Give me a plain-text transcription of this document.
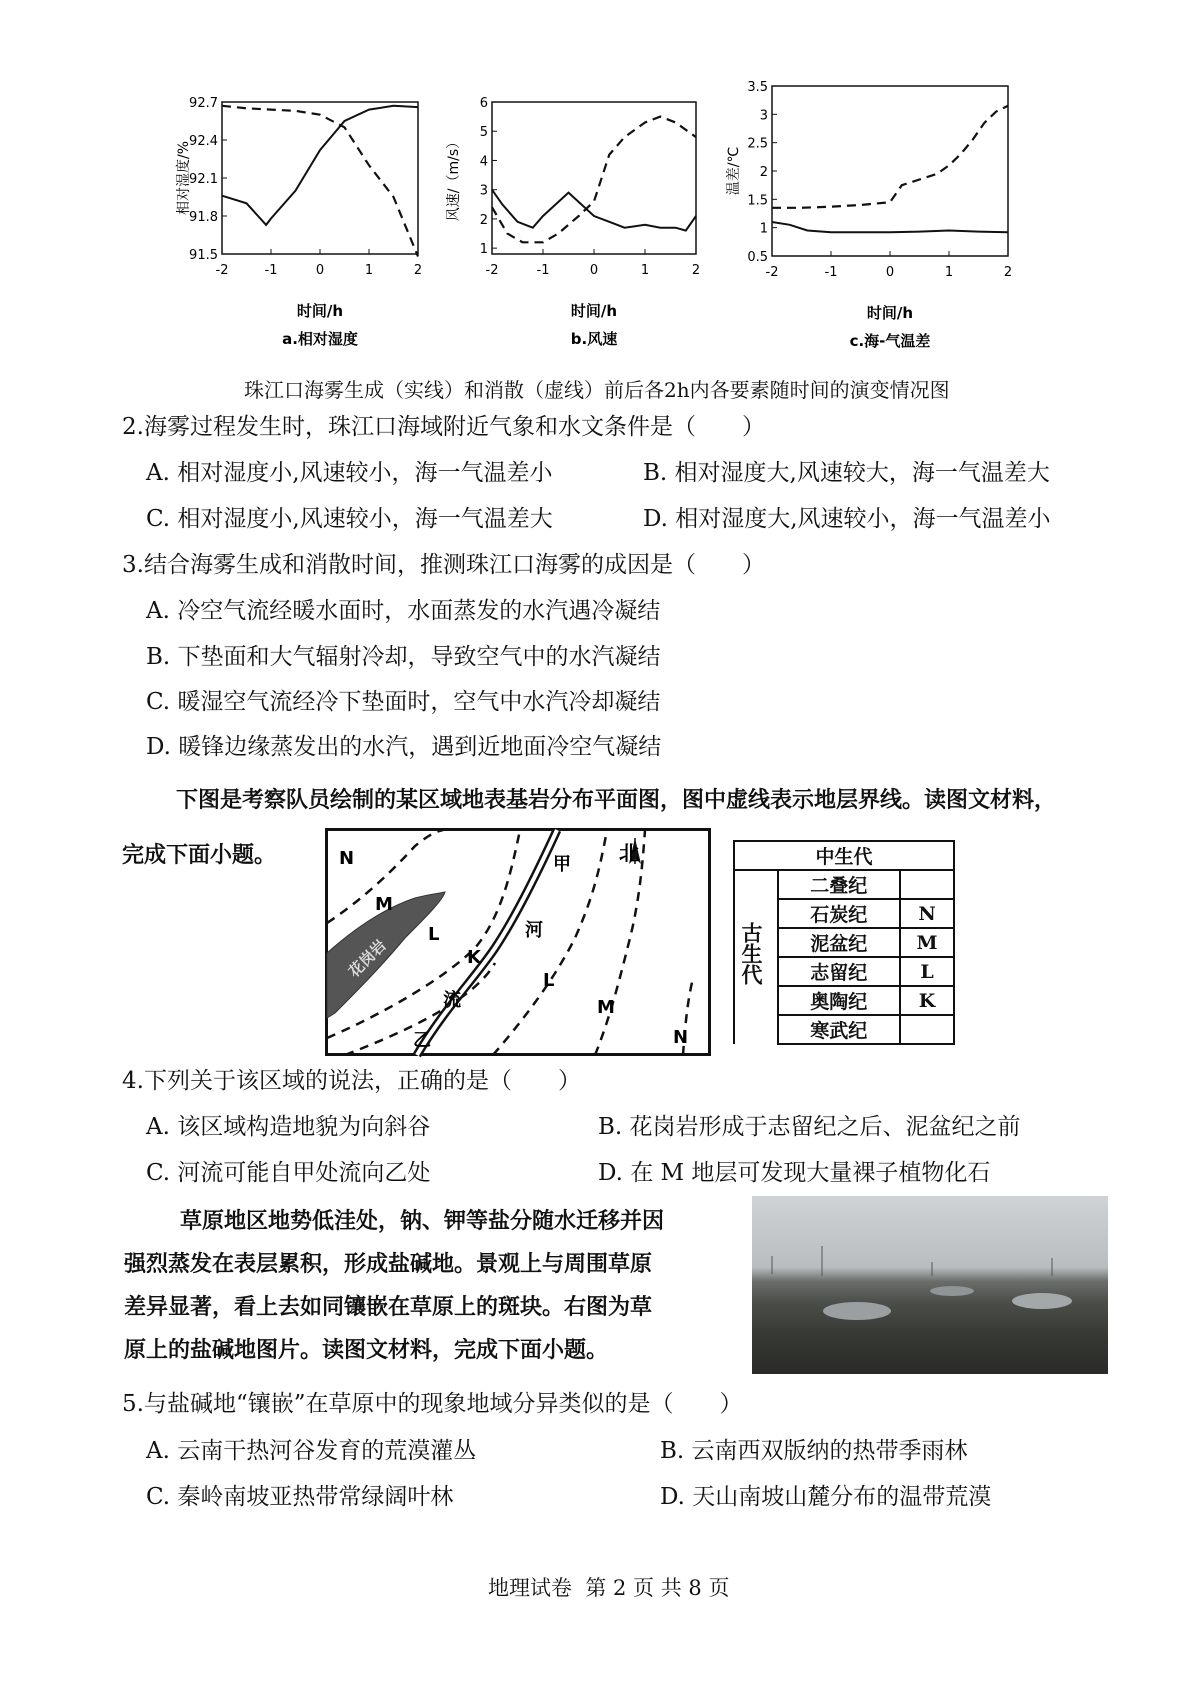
91.5
91.8
92.1
92.4
92.7
-2	-1	0	1	2
相对湿度/%
时间/h
a.相对湿度
1
2
3
4
5
6
-2	-1	0	1	2
风速/（m/s）
时间/h
b.风速
0.5
1
1.5
2
2.5
3
3.5
-2	-1	0	1	2
温差/℃
时间/h
c.海-气温差
珠江口海雾生成（实线）和消散（虚线）前后各2h内各要素随时间的演变情况图
2.海雾过程发生时，珠江口海域附近气象和水文条件是（　　）
A. 相对湿度小,风速较小，海一气温差小	B. 相对湿度大,风速较大，海一气温差大
C. 相对湿度小,风速较小，海一气温差大	D. 相对湿度大,风速较小，海一气温差小
3.结合海雾生成和消散时间，推测珠江口海雾的成因是（　　）
A. 冷空气流经暖水面时，水面蒸发的水汽遇冷凝结
B. 下垫面和大气辐射冷却，导致空气中的水汽凝结
C. 暖湿空气流经冷下垫面时，空气中水汽冷却凝结
D. 暖锋边缘蒸发出的水汽，遇到近地面冷空气凝结
下图是考察队员绘制的某区域地表基岩分布平面图，图中虚线表示地层界线。读图文材料，
完成下面小题。	北
N
M
L
K
L
M
N
花岗岩
甲
河
流
乙
中生代		
	二叠纪	
	石炭纪	N
	泥盆纪	M
	志留纪	L
	奥陶纪	K
	寒武纪	
古生代
4.下列关于该区域的说法，正确的是（　　）
A. 该区域构造地貌为向斜谷	B. 花岗岩形成于志留纪之后、泥盆纪之前
C. 河流可能自甲处流向乙处	D. 在 M 地层可发现大量裸子植物化石
草原地区地势低洼处，钠、钾等盐分随水迁移并因
强烈蒸发在表层累积，形成盐碱地。景观上与周围草原
差异显著，看上去如同镶嵌在草原上的斑块。右图为草
原上的盐碱地图片。读图文材料，完成下面小题。
5.与盐碱地“镶嵌”在草原中的现象地域分异类似的是（　　）
A. 云南干热河谷发育的荒漠灌丛	B. 云南西双版纳的热带季雨林
C. 秦岭南坡亚热带常绿阔叶林	D. 天山南坡山麓分布的温带荒漠
地理试卷  第 2 页 共 8 页
